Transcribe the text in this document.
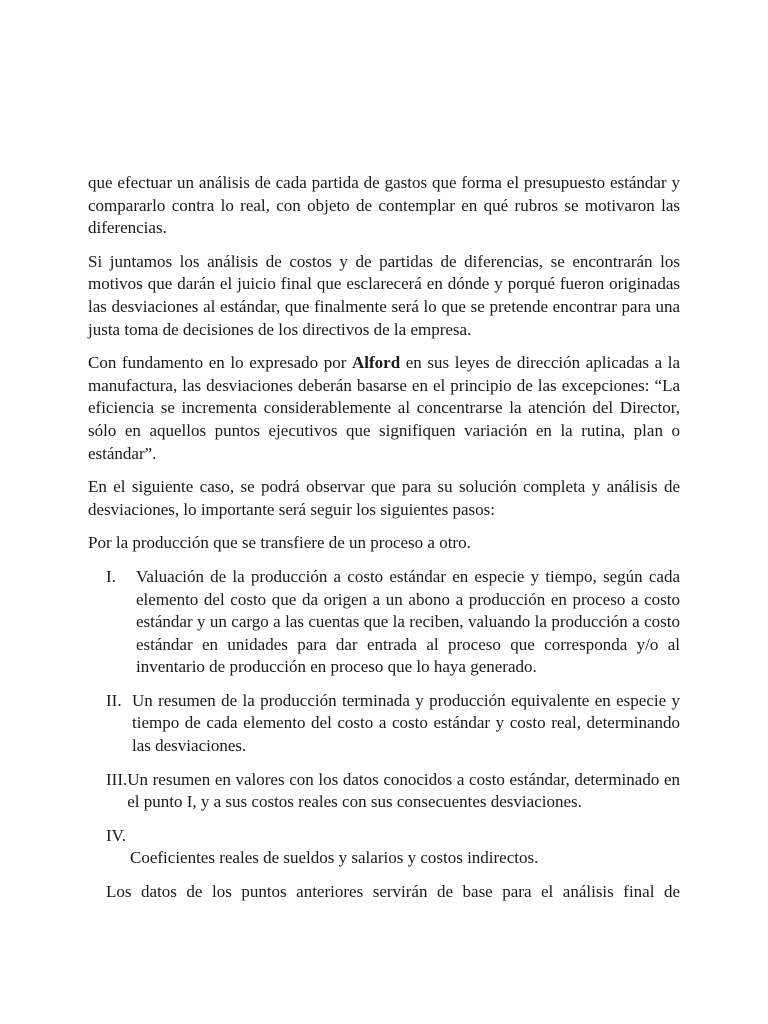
que efectuar un análisis de cada partida de gastos que forma el presupuesto estándar y compararlo contra lo real, con objeto de contemplar en qué rubros se motivaron las diferencias.

Si juntamos los análisis de costos y de partidas de diferencias, se encontrarán los motivos que darán el juicio final que esclarecerá en dónde y porqué fueron originadas las desviaciones al estándar, que finalmente será lo que se pretende encontrar para una justa toma de decisiones de los directivos de la empresa.

Con fundamento en lo expresado por Alford en sus leyes de dirección aplicadas a la manufactura, las desviaciones deberán basarse en el principio de las excepciones: “La eficiencia se incrementa considerablemente al concentrarse la atención del Director, sólo en aquellos puntos ejecutivos que signifiquen variación en la rutina, plan o estándar”.

En el siguiente caso, se podrá observar que para su solución completa y análisis de desviaciones, lo importante será seguir los siguientes pasos:

Por la producción que se transfiere de un proceso a otro.

I.	Valuación de la producción a costo estándar en especie y tiempo, según cada elemento del costo que da origen a un abono a producción en proceso a costo estándar y un cargo a las cuentas que la reciben, valuando la producción a costo estándar en unidades para dar entrada al proceso que corresponda y/o al inventario de producción en proceso que lo haya generado.
II. Un resumen de la producción terminada y producción equivalente en especie y tiempo de cada elemento del costo a costo estándar y costo real, determinando las desviaciones.
III. Un resumen en valores con los datos conocidos a costo estándar, determinado en el punto I, y a sus costos reales con sus consecuentes desviaciones.
IV.
Coeficientes reales de sueldos y salarios y costos indirectos.

Los datos de los puntos anteriores servirán de base para el análisis final de
